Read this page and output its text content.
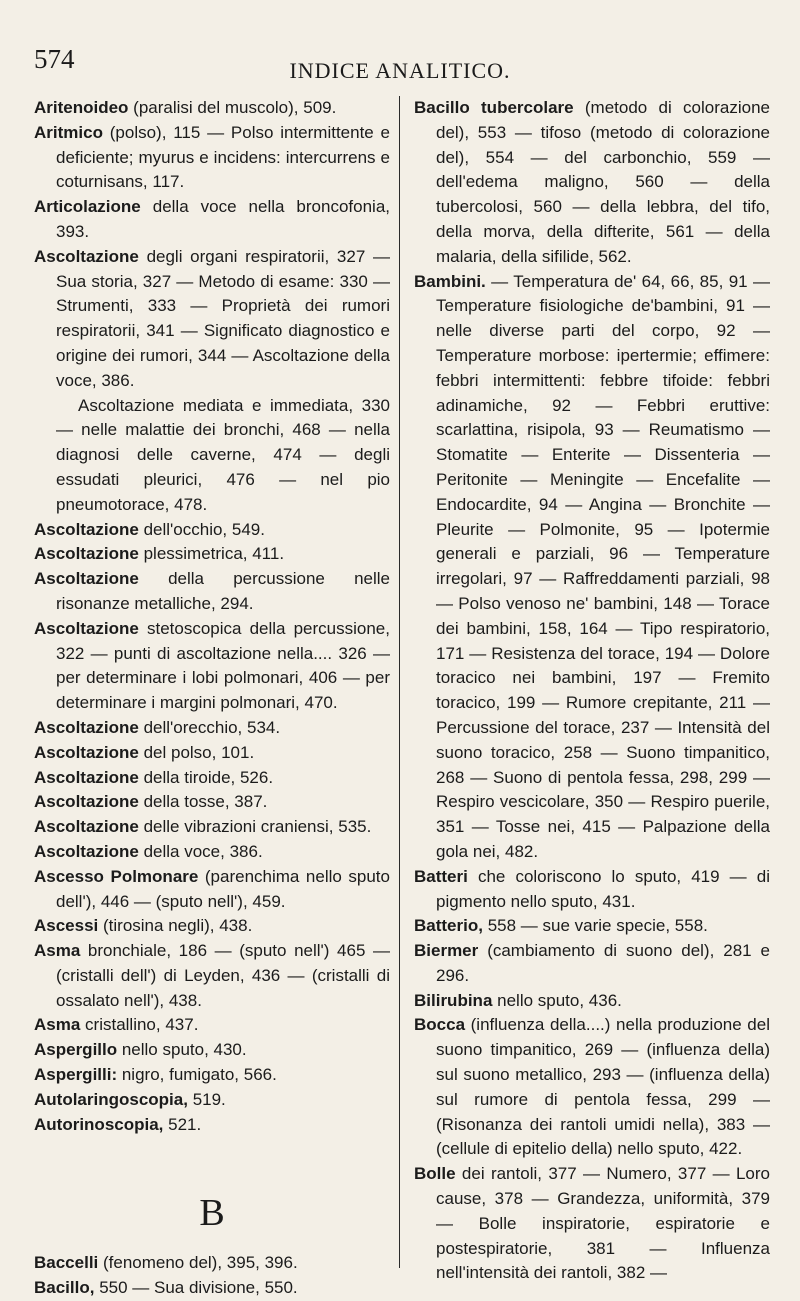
574	INDICE ANALITICO.
Aritenoideo (paralisi del muscolo), 509.
Aritmico (polso), 115 — Polso intermittente e deficiente; myurus e incidens: intercurrens e coturnisans, 117.
Articolazione della voce nella broncofonia, 393.
Ascoltazione degli organi respiratorii, 327 — Sua storia, 327 — Metodo di esame: 330 — Strumenti, 333 — Proprietà dei rumori respiratorii, 341 — Significato diagnostico e origine dei rumori, 344 — Ascoltazione della voce, 386.
Ascoltazione mediata e immediata, 330 — nelle malattie dei bronchi, 468 — nella diagnosi delle caverne, 474 — degli essudati pleurici, 476 — nel pio pneumotorace, 478.
Ascoltazione dell'occhio, 549.
Ascoltazione plessimetrica, 411.
Ascoltazione della percussione nelle risonanze metalliche, 294.
Ascoltazione stetoscopica della percussione, 322 — punti di ascoltazione nella.... 326 — per determinare i lobi polmonari, 406 — per determinare i margini polmonari, 470.
Ascoltazione dell'orecchio, 534.
Ascoltazione del polso, 101.
Ascoltazione della tiroide, 526.
Ascoltazione della tosse, 387.
Ascoltazione delle vibrazioni craniensi, 535.
Ascoltazione della voce, 386.
Ascesso Polmonare (parenchima nello sputo dell'), 446 — (sputo nell'), 459.
Ascessi (tirosina negli), 438.
Asma bronchiale, 186 — (sputo nell') 465 — (cristalli dell') di Leyden, 436 — (cristalli di ossalato nell'), 438.
Asma cristallino, 437.
Aspergillo nello sputo, 430.
Aspergilli: nigro, fumigato, 566.
Autolaringoscopia, 519.
Autorinoscopia, 521.
B
Baccelli (fenomeno del), 395, 396.
Bacillo, 550 — Sua divisione, 550.
Bacillo tubercolare (metodo di colorazione del), 553 — tifoso (metodo di colorazione del), 554 — del carbonchio, 559 — dell'edema maligno, 560 — della tubercolosi, 560 — della lebbra, del tifo, della morva, della difterite, 561 — della malaria, della sifilide, 562.
Bambini. — Temperatura de' 64, 66, 85, 91 — Temperature fisiologiche de'bambini, 91 — nelle diverse parti del corpo, 92 — Temperature morbose: ipertermie; effimere: febbri intermittenti: febbre tifoide: febbri adinamiche, 92 — Febbri eruttive: scarlattina, risipola, 93 — Reumatismo — Stomatite — Enterite — Dissenteria — Peritonite — Meningite — Encefalite — Endocardite, 94 — Angina — Bronchite — Pleurite — Polmonite, 95 — Ipotermie generali e parziali, 96 — Temperature irregolari, 97 — Raffreddamenti parziali, 98 — Polso venoso ne' bambini, 148 — Torace dei bambini, 158, 164 — Tipo respiratorio, 171 — Resistenza del torace, 194 — Dolore toracico nei bambini, 197 — Fremito toracico, 199 — Rumore crepitante, 211 — Percussione del torace, 237 — Intensità del suono toracico, 258 — Suono timpanitico, 268 — Suono di pentola fessa, 298, 299 — Respiro vescicolare, 350 — Respiro puerile, 351 — Tosse nei, 415 — Palpazione della gola nei, 482.
Batteri che coloriscono lo sputo, 419 — di pigmento nello sputo, 431.
Batterio, 558 — sue varie specie, 558.
Biermer (cambiamento di suono del), 281 e 296.
Bilirubina nello sputo, 436.
Bocca (influenza della....) nella produzione del suono timpanitico, 269 — (influenza della) sul suono metallico, 293 — (influenza della) sul rumore di pentola fessa, 299 — (Risonanza dei rantoli umidi nella), 383 — (cellule di epitelio della) nello sputo, 422.
Bolle dei rantoli, 377 — Numero, 377 — Loro cause, 378 — Grandezza, uniformità, 379 — Bolle inspiratorie, espiratorie e postespiratorie, 381 — Influenza nell'intensità dei rantoli, 382 —
